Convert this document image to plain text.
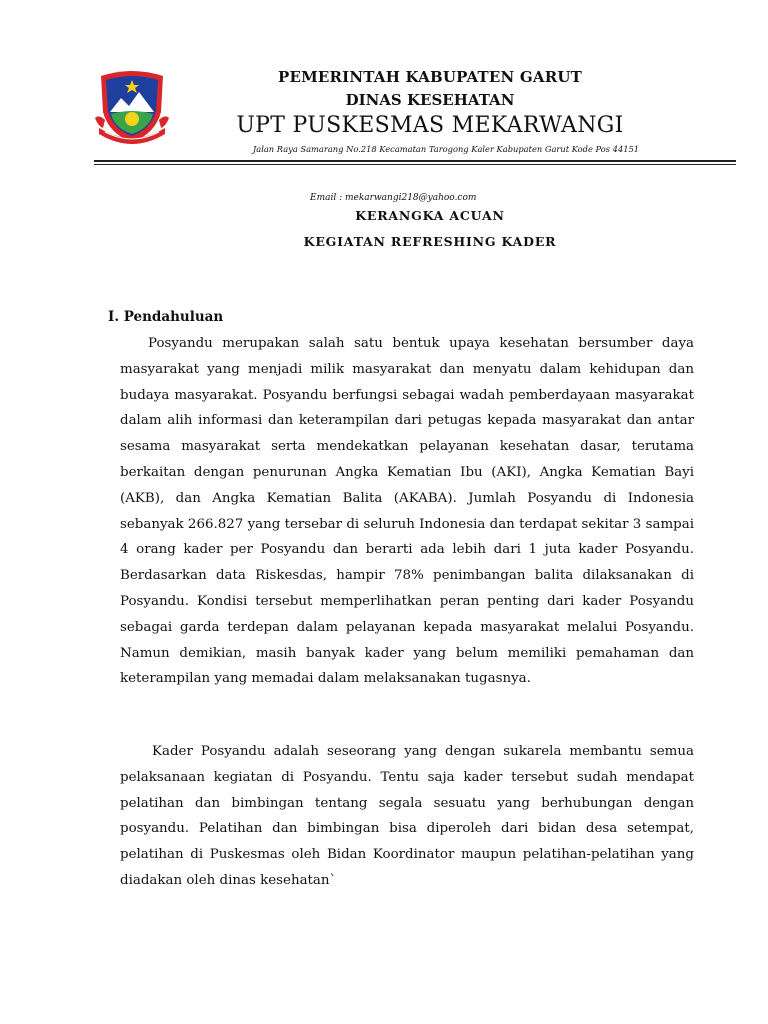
PEMERINTAH KABUPATEN GARUT
DINAS KESEHATAN
UPT PUSKESMAS MEKARWANGI
Jalan Raya Samarang No.218 Kecamatan Tarogong Kaler Kabupaten Garut Kode Pos 44151
Email : mekarwangi218@yahoo.com
KERANGKA ACUAN
KEGIATAN REFRESHING KADER
I. Pendahuluan

Posyandu merupakan salah satu bentuk upaya kesehatan bersumber daya masyarakat yang menjadi milik masyarakat dan menyatu dalam kehidupan dan budaya masyarakat. Posyandu berfungsi sebagai wadah pemberdayaan masyarakat dalam alih informasi dan keterampilan dari petugas kepada masyarakat dan antar sesama masyarakat serta mendekatkan pelayanan kesehatan dasar, terutama berkaitan dengan penurunan Angka Kematian Ibu (AKI), Angka Kematian Bayi (AKB), dan Angka Kematian Balita (AKABA). Jumlah Posyandu di Indonesia sebanyak 266.827 yang tersebar di seluruh Indonesia dan terdapat sekitar 3 sampai 4 orang kader per Posyandu dan berarti ada lebih dari 1 juta kader Posyandu. Berdasarkan data Riskesdas, hampir 78% penimbangan balita dilaksanakan di Posyandu. Kondisi tersebut memperlihatkan peran penting dari kader Posyandu sebagai garda terdepan dalam pelayanan kepada masyarakat melalui Posyandu. Namun demikian, masih banyak kader yang belum memiliki pemahaman dan keterampilan yang memadai dalam melaksanakan tugasnya.

Kader Posyandu adalah seseorang yang dengan sukarela membantu semua pelaksanaan kegiatan di Posyandu. Tentu saja kader tersebut sudah mendapat pelatihan dan bimbingan tentang segala sesuatu yang berhubungan dengan posyandu. Pelatihan dan bimbingan bisa diperoleh dari bidan desa setempat, pelatihan di Puskesmas oleh Bidan Koordinator maupun pelatihan-pelatihan yang diadakan oleh dinas kesehatan`
